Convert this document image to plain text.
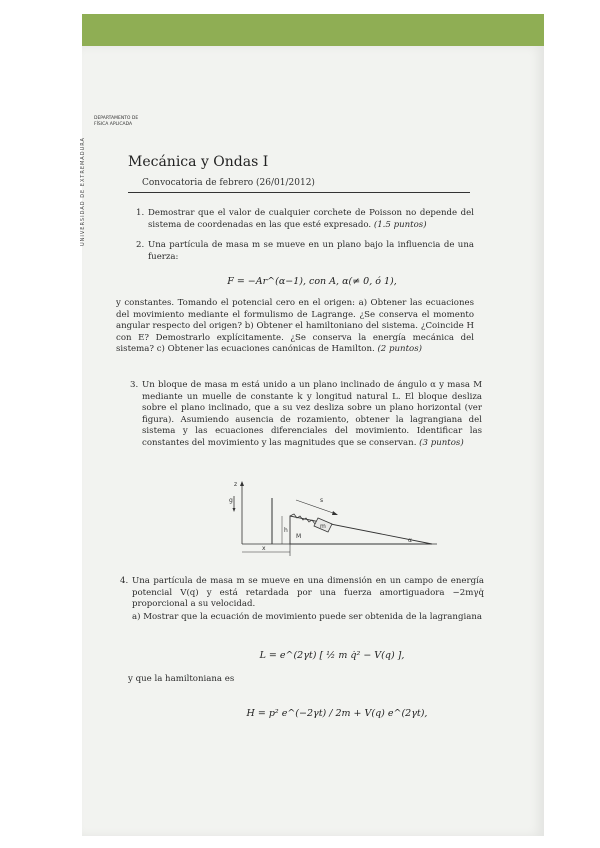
UNIVERSIDAD DE EXTREMADURA
DEPARTAMENTO DE
FÍSICA APLICADA
Mecánica y Ondas I
Convocatoria de febrero (26/01/2012)
1. Demostrar que el valor de cualquier corchete de Poisson no depende del sistema de coordenadas en las que esté expresado. (1.5 puntos)
2. Una partícula de masa m se mueve en un plano bajo la influencia de una fuerza:
F = −Ar^(α−1), con A, α(≠ 0, ó 1),
y constantes. Tomando el potencial cero en el origen: a) Obtener las ecuaciones del movimiento mediante el formulismo de Lagrange. ¿Se conserva el momento angular respecto del origen? b) Obtener el hamiltoniano del sistema. ¿Coincide H con E? Demostrarlo explícitamente. ¿Se conserva la energía mecánica del sistema? c) Obtener las ecuaciones canónicas de Hamilton. (2 puntos)
3. Un bloque de masa m está unido a un plano inclinado de ángulo α y masa M mediante un muelle de constante k y longitud natural L. El bloque desliza sobre el plano inclinado, que a su vez desliza sobre un plano horizontal (ver figura). Asumiendo ausencia de rozamiento, obtener la lagrangiana del sistema y las ecuaciones diferenciales del movimiento. Identificar las constantes del movimiento y las magnitudes que se conservan. (3 puntos)
z
g
M
h
α
m
s
x
4. Una partícula de masa m se mueve en una dimensión en un campo de energía potencial V(q) y está retardada por una fuerza amortiguadora −2mγq̇ proporcional a su velocidad.
a) Mostrar que la ecuación de movimiento puede ser obtenida de la lagrangiana
L = e^(2γt) [ ½ m q̇² − V(q) ],
y que la hamiltoniana es
H = p² e^(−2γt) / 2m + V(q) e^(2γt),
